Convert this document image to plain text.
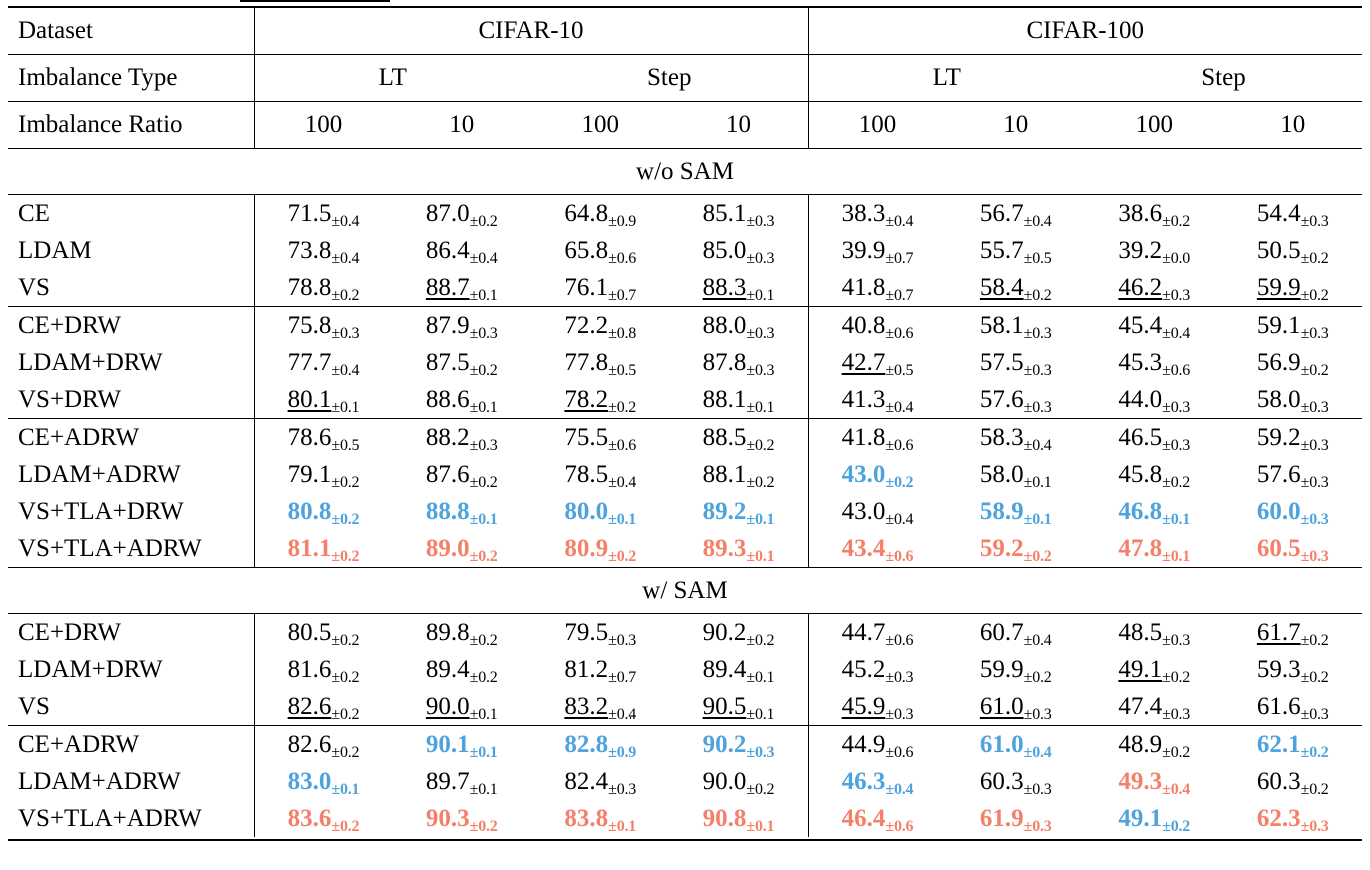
Dataset	CIFAR-10				CIFAR-100			
Imbalance Type	LT		Step		LT		Step	
Imbalance Ratio	100	10	100	10	100	10	100	10
w/o SAM								
CE	$71.5_{\pm 0.4}$	$87.0_{\pm 0.2}$	$64.8_{\pm 0.9}$	$85.1_{\pm 0.3}$	$38.3_{\pm 0.4}$	$56.7_{\pm 0.4}$	$38.6_{\pm 0.2}$	$54.4_{\pm 0.3}$
LDAM	$73.8_{\pm 0.4}$	$86.4_{\pm 0.4}$	$65.8_{\pm 0.6}$	$85.0_{\pm 0.3}$	$39.9_{\pm 0.7}$	$55.7_{\pm 0.5}$	$39.2_{\pm 0.0}$	$50.5_{\pm 0.2}$
VS	$78.8_{\pm 0.2}$	$88.7_{\pm 0.1}$	$76.1_{\pm 0.7}$	$88.3_{\pm 0.1}$	$41.8_{\pm 0.7}$	$58.4_{\pm 0.2}$	$46.2_{\pm 0.3}$	$59.9_{\pm 0.2}$
CE+DRW	$75.8_{\pm 0.3}$	$87.9_{\pm 0.3}$	$72.2_{\pm 0.8}$	$88.0_{\pm 0.3}$	$40.8_{\pm 0.6}$	$58.1_{\pm 0.3}$	$45.4_{\pm 0.4}$	$59.1_{\pm 0.3}$
LDAM+DRW	$77.7_{\pm 0.4}$	$87.5_{\pm 0.2}$	$77.8_{\pm 0.5}$	$87.8_{\pm 0.3}$	$42.7_{\pm 0.5}$	$57.5_{\pm 0.3}$	$45.3_{\pm 0.6}$	$56.9_{\pm 0.2}$
VS+DRW	$80.1_{\pm 0.1}$	$88.6_{\pm 0.1}$	$78.2_{\pm 0.2}$	$88.1_{\pm 0.1}$	$41.3_{\pm 0.4}$	$57.6_{\pm 0.3}$	$44.0_{\pm 0.3}$	$58.0_{\pm 0.3}$
CE+ADRW	$78.6_{\pm 0.5}$	$88.2_{\pm 0.3}$	$75.5_{\pm 0.6}$	$88.5_{\pm 0.2}$	$41.8_{\pm 0.6}$	$58.3_{\pm 0.4}$	$46.5_{\pm 0.3}$	$59.2_{\pm 0.3}$
LDAM+ADRW	$79.1_{\pm 0.2}$	$87.6_{\pm 0.2}$	$78.5_{\pm 0.4}$	$88.1_{\pm 0.2}$	$43.0_{\pm 0.2}$	$58.0_{\pm 0.1}$	$45.8_{\pm 0.2}$	$57.6_{\pm 0.3}$
VS+TLA+DRW	$80.8_{\pm 0.2}$	$88.8_{\pm 0.1}$	$80.0_{\pm 0.1}$	$89.2_{\pm 0.1}$	$43.0_{\pm 0.4}$	$58.9_{\pm 0.1}$	$46.8_{\pm 0.1}$	$60.0_{\pm 0.3}$
VS+TLA+ADRW	$81.1_{\pm 0.2}$	$89.0_{\pm 0.2}$	$80.9_{\pm 0.2}$	$89.3_{\pm 0.1}$	$43.4_{\pm 0.6}$	$59.2_{\pm 0.2}$	$47.8_{\pm 0.1}$	$60.5_{\pm 0.3}$
w/ SAM								
CE+DRW	$80.5_{\pm 0.2}$	$89.8_{\pm 0.2}$	$79.5_{\pm 0.3}$	$90.2_{\pm 0.2}$	$44.7_{\pm 0.6}$	$60.7_{\pm 0.4}$	$48.5_{\pm 0.3}$	$61.7_{\pm 0.2}$
LDAM+DRW	$81.6_{\pm 0.2}$	$89.4_{\pm 0.2}$	$81.2_{\pm 0.7}$	$89.4_{\pm 0.1}$	$45.2_{\pm 0.3}$	$59.9_{\pm 0.2}$	$49.1_{\pm 0.2}$	$59.3_{\pm 0.2}$
VS	$82.6_{\pm 0.2}$	$90.0_{\pm 0.1}$	$83.2_{\pm 0.4}$	$90.5_{\pm 0.1}$	$45.9_{\pm 0.3}$	$61.0_{\pm 0.3}$	$47.4_{\pm 0.3}$	$61.6_{\pm 0.3}$
CE+ADRW	$82.6_{\pm 0.2}$	$90.1_{\pm 0.1}$	$82.8_{\pm 0.9}$	$90.2_{\pm 0.3}$	$44.9_{\pm 0.6}$	$61.0_{\pm 0.4}$	$48.9_{\pm 0.2}$	$62.1_{\pm 0.2}$
LDAM+ADRW	$83.0_{\pm 0.1}$	$89.7_{\pm 0.1}$	$82.4_{\pm 0.3}$	$90.0_{\pm 0.2}$	$46.3_{\pm 0.4}$	$60.3_{\pm 0.3}$	$49.3_{\pm 0.4}$	$60.3_{\pm 0.2}$
VS+TLA+ADRW	$83.6_{\pm 0.2}$	$90.3_{\pm 0.2}$	$83.8_{\pm 0.1}$	$90.8_{\pm 0.1}$	$46.4_{\pm 0.6}$	$61.9_{\pm 0.3}$	$49.1_{\pm 0.2}$	$62.3_{\pm 0.3}$
